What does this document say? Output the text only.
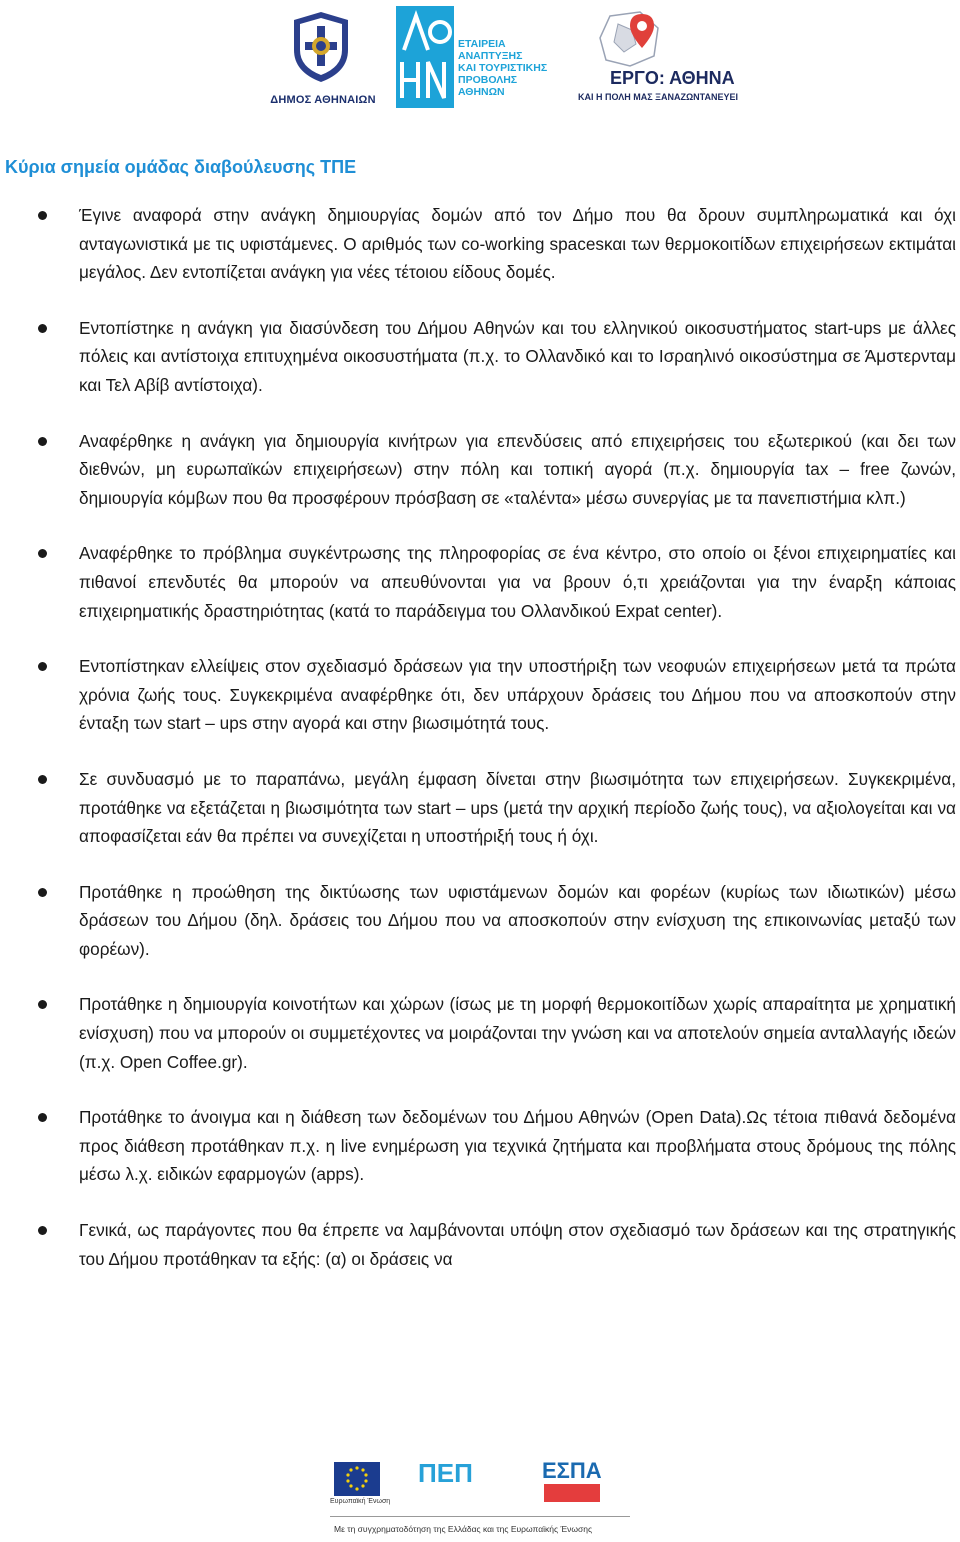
ΔΗΜΟΣ ΑΘΗΝΑΙΩΝ
ΕΤΑΙΡΕΙΑ
ΑΝΑΠΤΥΞΗΣ
ΚΑΙ ΤΟΥΡΙΣΤΙΚΗΣ
ΠΡΟΒΟΛΗΣ
ΑΘΗΝΩΝ
ΕΡΓΟ: ΑΘΗΝΑ
ΚΑΙ Η ΠΟΛΗ ΜΑΣ ΞΑΝΑΖΩΝΤΑΝΕΥΕΙ
Κύρια σημεία ομάδας διαβούλευσης ΤΠΕ
Έγινε αναφορά στην ανάγκη δημιουργίας δομών από τον Δήμο που θα δρουν συμπληρωματικά και όχι ανταγωνιστικά με τις υφιστάμενες. Ο αριθμός των co-working spacesκαι των θερμοκοιτίδων επιχειρήσεων εκτιμάται μεγάλος. Δεν εντοπίζεται ανάγκη για νέες τέτοιου είδους δομές.
Εντοπίστηκε η ανάγκη για διασύνδεση του Δήμου Αθηνών και του ελληνικού οικοσυστήματος start-ups με άλλες πόλεις και αντίστοιχα επιτυχημένα οικοσυστήματα (π.χ. το Ολλανδικό και το Ισραηλινό οικοσύστημα σε Άμστερνταμ και Τελ Αβίβ αντίστοιχα).
Αναφέρθηκε η ανάγκη για δημιουργία κινήτρων για επενδύσεις από επιχειρήσεις του εξωτερικού (και δει των διεθνών, μη ευρωπαϊκών επιχειρήσεων) στην πόλη και τοπική αγορά (π.χ. δημιουργία tax – free ζωνών, δημιουργία κόμβων που θα προσφέρουν πρόσβαση σε «ταλέντα» μέσω συνεργίας με τα πανεπιστήμια κλπ.)
Αναφέρθηκε το πρόβλημα συγκέντρωσης της πληροφορίας σε ένα κέντρο, στο οποίο οι ξένοι επιχειρηματίες και πιθανοί επενδυτές θα μπορούν να απευθύνονται για να βρουν ό,τι χρειάζονται για την έναρξη κάποιας επιχειρηματικής δραστηριότητας (κατά το παράδειγμα του Ολλανδικού Expat center).
Εντοπίστηκαν ελλείψεις στον σχεδιασμό δράσεων για την υποστήριξη των νεοφυών επιχειρήσεων μετά τα πρώτα χρόνια ζωής τους. Συγκεκριμένα αναφέρθηκε ότι, δεν υπάρχουν δράσεις του Δήμου που να αποσκοπούν στην ένταξη των start – ups στην αγορά και στην βιωσιμότητά τους.
Σε συνδυασμό με το παραπάνω, μεγάλη έμφαση δίνεται στην βιωσιμότητα των επιχειρήσεων. Συγκεκριμένα, προτάθηκε να εξετάζεται η βιωσιμότητα των start – ups (μετά την αρχική περίοδο ζωής τους), να αξιολογείται και να αποφασίζεται εάν θα πρέπει να συνεχίζεται η υποστήριξή τους ή όχι.
Προτάθηκε η προώθηση της δικτύωσης των υφιστάμενων δομών και φορέων (κυρίως των ιδιωτικών) μέσω δράσεων του Δήμου (δηλ. δράσεις του Δήμου που να αποσκοπούν στην ενίσχυση της επικοινωνίας μεταξύ των φορέων).
Προτάθηκε η δημιουργία κοινοτήτων και χώρων (ίσως με τη μορφή θερμοκοιτίδων χωρίς απαραίτητα με χρηματική ενίσχυση) που να μπορούν οι συμμετέχοντες να μοιράζονται την γνώση και να αποτελούν σημεία ανταλλαγής ιδεών (π.χ. Open Coffee.gr).
Προτάθηκε το άνοιγμα και η διάθεση των δεδομένων του Δήμου Αθηνών (Open Data).Ως τέτοια πιθανά δεδομένα προς διάθεση προτάθηκαν π.χ. η live ενημέρωση για τεχνικά ζητήματα και προβλήματα στους δρόμους της πόλης μέσω λ.χ. ειδικών εφαρμογών (apps).
Γενικά, ως παράγοντες που θα έπρεπε να λαμβάνονται υπόψη στον σχεδιασμό των δράσεων και της στρατηγικής του Δήμου προτάθηκαν τα εξής: (α) οι δράσεις να
Ευρωπαϊκή Ένωση
ΠΕΠ	ΕΣΠΑ
Με τη συγχρηματοδότηση της Ελλάδας και της Ευρωπαϊκής Ένωσης
